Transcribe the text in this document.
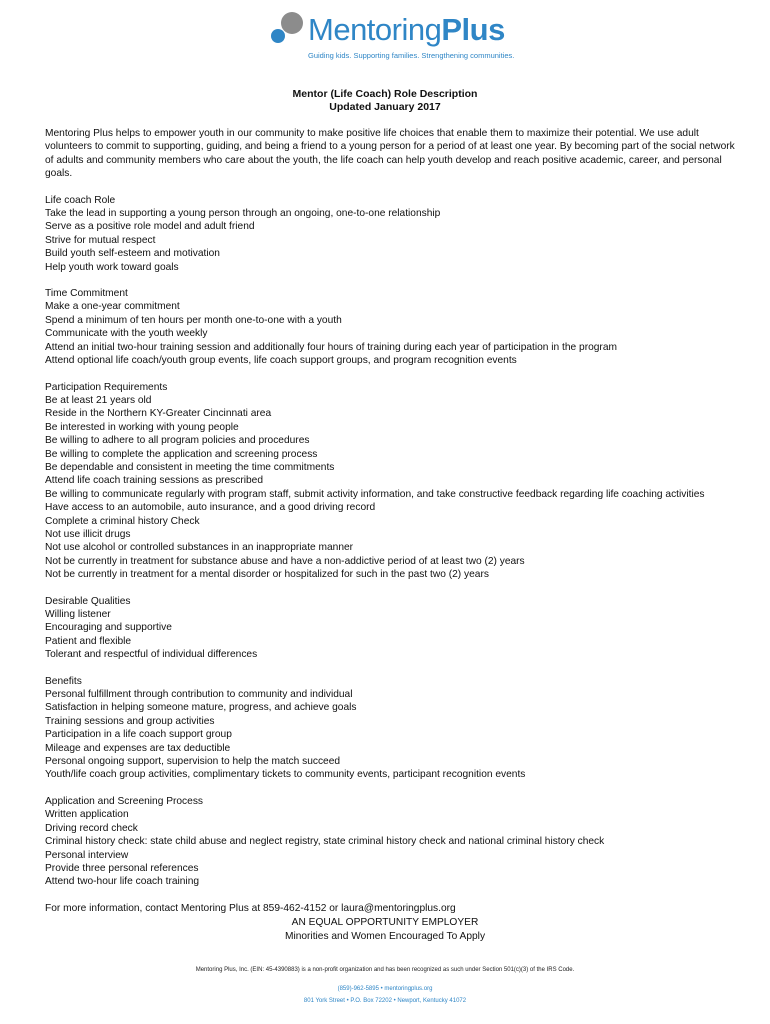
MentoringPlus
Guiding kids. Supporting families. Strengthening communities.
Mentor (Life Coach) Role Description
Updated January 2017

Mentoring Plus helps to empower youth in our community to make positive life choices that enable them to maximize their potential. We use adult volunteers to commit to supporting, guiding, and being a friend to a young person for a period of at least one year. By becoming part of the social network of adults and community members who care about the youth, the life coach can help youth develop and reach positive academic, career, and personal goals.

Life coach Role
Take the lead in supporting a young person through an ongoing, one-to-one relationship
Serve as a positive role model and adult friend
Strive for mutual respect
Build youth self-esteem and motivation
Help youth work toward goals
Time Commitment
Make a one-year commitment
Spend a minimum of ten hours per month one-to-one with a youth
Communicate with the youth weekly
Attend an initial two-hour training session and additionally four hours of training during each year of participation in the program
Attend optional life coach/youth group events, life coach support groups, and program recognition events
Participation Requirements
Be at least 21 years old
Reside in the Northern KY-Greater Cincinnati area
Be interested in working with young people
Be willing to adhere to all program policies and procedures
Be willing to complete the application and screening process
Be dependable and consistent in meeting the time commitments
Attend life coach training sessions as prescribed
Be willing to communicate regularly with program staff, submit activity information, and take constructive feedback regarding life coaching activities
Have access to an automobile, auto insurance, and a good driving record
Complete a criminal history Check
Not use illicit drugs
Not use alcohol or controlled substances in an inappropriate manner
Not be currently in treatment for substance abuse and have a non-addictive period of at least two (2) years
Not be currently in treatment for a mental disorder or hospitalized for such in the past two (2) years
Desirable Qualities
Willing listener
Encouraging and supportive
Patient and flexible
Tolerant and respectful of individual differences
Benefits
Personal fulfillment through contribution to community and individual
Satisfaction in helping someone mature, progress, and achieve goals
Training sessions and group activities
Participation in a life coach support group
Mileage and expenses are tax deductible
Personal ongoing support, supervision to help the match succeed
Youth/life coach group activities, complimentary tickets to community events, participant recognition events
Application and Screening Process
Written application
Driving record check
Criminal history check: state child abuse and neglect registry, state criminal history check and national criminal history check
Personal interview
Provide three personal references
Attend two-hour life coach training

For more information, contact Mentoring Plus at 859-462-4152 or laura@mentoringplus.org

AN EQUAL OPPORTUNITY EMPLOYER
Minorities and Women Encouraged To Apply
Mentoring Plus, Inc. (EIN: 45-4390883) is a non-profit organization and has been recognized as such under Section 501(c)(3) of the IRS Code.
(859)-962-5895 • mentoringplus.org
801 York Street • P.O. Box 72202 • Newport, Kentucky 41072
